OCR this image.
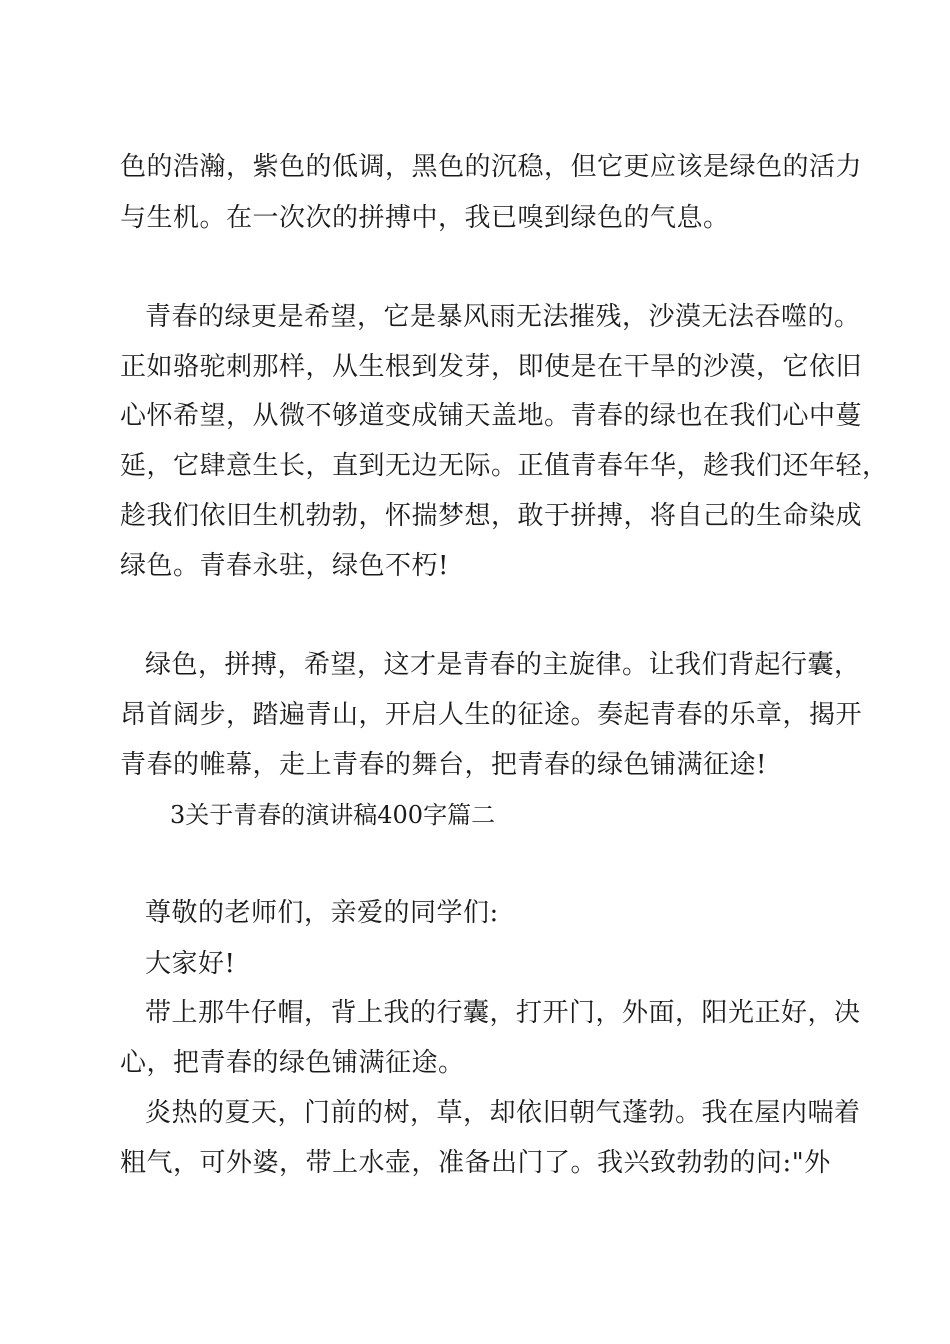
色的浩瀚，紫色的低调，黑色的沉稳，但它更应该是绿色的活力
与生机。在一次次的拼搏中，我已嗅到绿色的气息。
青春的绿更是希望，它是暴风雨无法摧残，沙漠无法吞噬的。
正如骆驼刺那样，从生根到发芽，即使是在干旱的沙漠，它依旧
心怀希望，从微不够道变成铺天盖地。青春的绿也在我们心中蔓
延，它肆意生长，直到无边无际。正值青春年华，趁我们还年轻，
趁我们依旧生机勃勃，怀揣梦想，敢于拼搏，将自己的生命染成
绿色。青春永驻，绿色不朽!
绿色，拼搏，希望，这才是青春的主旋律。让我们背起行囊，
昂首阔步，踏遍青山，开启人生的征途。奏起青春的乐章，揭开
青春的帷幕，走上青春的舞台，把青春的绿色铺满征途!
3关于青春的演讲稿400字篇二
尊敬的老师们，亲爱的同学们:
大家好!
带上那牛仔帽，背上我的行囊，打开门，外面，阳光正好，决
心，把青春的绿色铺满征途。
炎热的夏天，门前的树，草，却依旧朝气蓬勃。我在屋内喘着
粗气，可外婆，带上水壶，准备出门了。我兴致勃勃的问:"外
